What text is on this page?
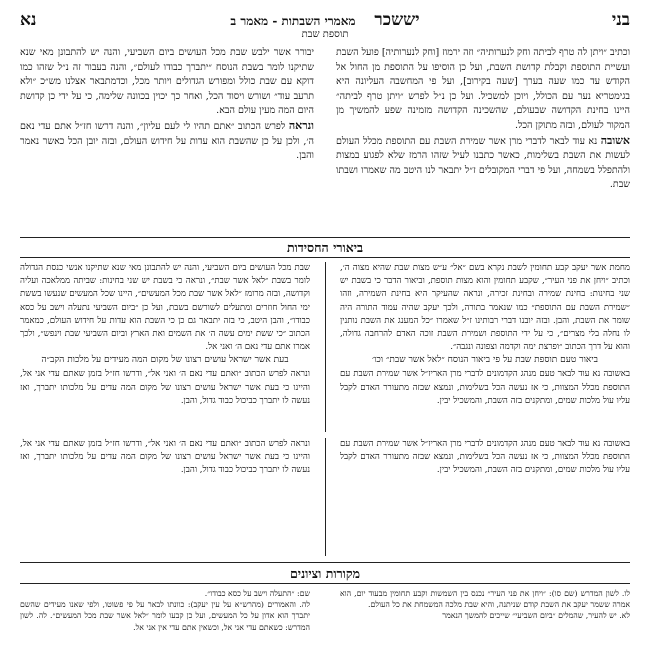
בני
יששכר מאמרי השבתות - מאמר ב
נא
תוספת שבת

וכתיב ״ויתן לה טרף לביתה וחק לנערותיה״ וזה ירמוז [וחק לנערותיה] פועל השבת ועשיית התוספת וקבלת קדושת השבת, ועל כן הוסיפו על התוספת מן החול אל הקודש עד כמו שעה בערך [שעה בקירוב], ועל פי המחשבה העליונה היא בגימטריא נער עם הכולל, ויוכן למשכיל. ועל כן נ״ל לפרש ״ויתן טרף לביתה״ היינו בחינת הקדושה שבעולם, שהשכינה הקדושה מזמינה שפע להמשיך מן המקור לעולם, ובזה מתוקן הכל.

אשובה נא עוד לבאר לדברי מרן אשר שמירת השבת עם התוספת מכלל העולם לעשות את השבת בשלימות, כאשר כתבנו לעיל שזהו הרמז שלא לפגוע במצות ולהתפלל בשמחה, ועל פי דברי המקובלים ז״ל יתבאר לנו היטב מה שאמרו ושבתו שבת.

יבורר אשר ילבש שבת מכל העושים ביום השביעי, והנה יש להתבונן מאי שנא שתיקנו לומר בשבת הנוסח ״יתברך כבודו לעולם״, והנה בעבור זה נ״ל שזהו כמו דוקא עם שבת כולל ומפורש הגדולים ויותר מכל, וכדמתבאר אצלנו מש״כ ״ולא תרעב עוד״ ושורש ויסוד הכל, ואחר כך יכוין בכוונה שלימה, כי על ידי כן קדושת היום המה מעין עולם הבא.

ונראה לפרש הכתוב ״אתם תהיו לי לעם עליון״, והנה דרשו חז״ל אתם עדי נאם ה׳, ולכן על כן שהשבת הוא עדות על חידוש העולם, ובזה יובן הכל כאשר נאמר והבן.

ביאורי החסידות

מחמת אשר יעקב קבע תחומין לשבת נקרא בשם ״אל״ ע״ש מצות שבת שהיא מצוה ה׳, וכתיב ״ויחן את פני העיר״, שקבע תחומין והוא מצות תוספת, וביאור הדבר כי בשבת יש שני בחינות: בחינת שמירה ובחינת זכירה, ונראה שהעיקר היא בחינת השמירה, וזהו ״שמירת השבת עם התוספת״ כמו שנאמר בתורה, ולכך יעקב שהיה עמוד התורה היה שומר את השבת, והבן. ובזה יובנו דברי רבותינו ז״ל שאמרו ״כל המענג את השבת נותנין לו נחלה בלי מצרים״, כי על ידי התוספת ושמירת השבת זוכה האדם להרחבה גדולה, והוא על דרך הכתוב ״ופרצת ימה וקדמה וצפונה ונגבה״.

ביאור טעם תוספת שבת על פי ביאור הנוסח ״לאל אשר שבת״ וכו׳

באשובה נא עוד לבאר טעם מנהג הקדמונים לדברי מרן האריז״ל אשר שמירת השבת עם התוספת מכלל המצוות, כי אז נעשה הכל בשלימות, ונמצא שבזה מתעורר האדם לקבל עליו עול מלכות שמים, ומתקנים בזה השבת, והמשכיל יבין.

שבת מכל העושים ביום השביעי, והנה יש להתבונן מאי שנא שתיקנו אנשי כנסת הגדולה לומר בשבת ״לאל אשר שבת״, ונראה כי בשבת יש שני בחינות: שביתה ממלאכה ועליה וקדושה, ובזה מרומז ״לאל אשר שבת מכל המעשים״, היינו שכל המעשים שנעשו בששת ימי החול חוזרים ומתעלים לשורשם בשבת, ועל כן ״ביום השביעי נתעלה וישב על כסא כבודו״, והבן היטב, כי בזה יתבאר גם כן כי השבת הוא עדות על חידוש העולם, כמאמר הכתוב ״כי ששת ימים עשה ה׳ את השמים ואת הארץ וביום השביעי שבת וינפש״, ולכך אמרו אתם עדי נאם ה׳ ואני אל.

בעת אשר ישראל עושים רצונו של מקום המה מעידים על מלכות הקב״ה

ונראה לפרש הכתוב ״ואתם עדי נאם ה׳ ואני אל״, ודרשו חז״ל בזמן שאתם עדי אני אל, והיינו כי בעת אשר ישראל עושים רצונו של מקום המה עדים על מלכותו יתברך, ואז נעשה לו יתברך כביכול כבוד גדול, והבן.

באשובה נא עוד לבאר טעם מנהג הקדמונים לדברי מרן האריז״ל אשר שמירת השבת עם התוספת מכלל המצוות, כי אז נעשה הכל בשלימות, ונמצא שבזה מתעורר האדם לקבל עליו עול מלכות שמים, ומתקנים בזה השבת, והמשכיל יבין.

ונראה לפרש הכתוב ״ואתם עדי נאם ה׳ ואני אל״, ודרשו חז״ל בזמן שאתם עדי אני אל, והיינו כי בעת אשר ישראל עושים רצונו של מקום המה עדים על מלכותו יתברך, ואז נעשה לו יתברך כביכול כבוד גדול, והבן.

מקורות וציונים

לו. לשון המדרש (שם סו): ״ויחן את פני העיר״ נכנס בין השמשות וקבע תחומין מבעוד יום, הוא אמרה ששמר יעקב את השבת קודם שניתנה, והיא שבת מלכה המשמחת את כל העולם.

לא. יש להעיר, שהמלים ״ביום השביעי״ שייכים להמשך הנאמר

שם: ״התעלה וישב על כסא כבודו״.

לה. והאמורים (מהרש״א על עין יעקב): כוונתו לבאר על פי פשוטו, ולפי שאנו מעידים שהשם יתברך הוא אדון על כל המעשים, ועל כן קבעו לומר ״לאל אשר שבת מכל המעשים״. לה. לשון המדרש: כשאתם עדי אני אל, וכשאין אתם עדי אין אני אל.
